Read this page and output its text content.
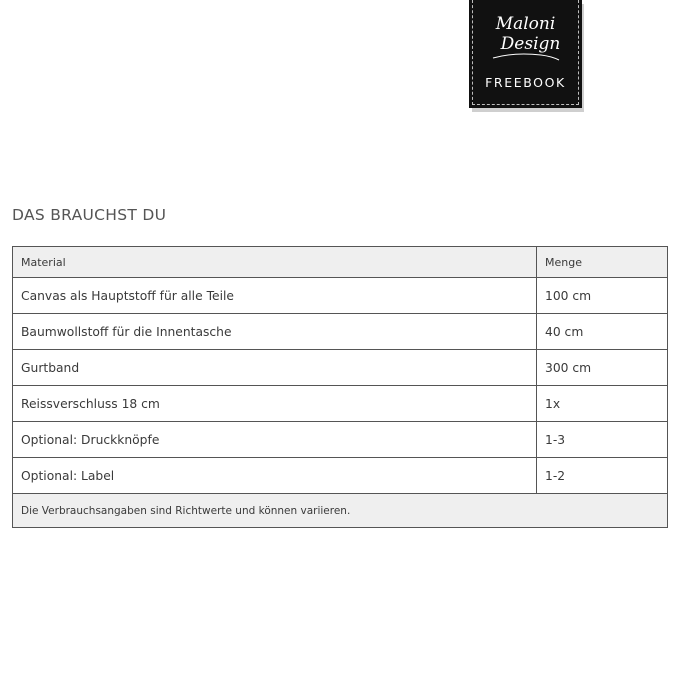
Maloni
Design
FREEBOOK
DAS BRAUCHST DU
Material	Menge
Canvas als Hauptstoff für alle Teile	100 cm
Baumwollstoff für die Innentasche	40 cm
Gurtband	300 cm
Reissverschluss 18 cm	1x
Optional: Druckknöpfe	1-3
Optional: Label	1-2
Die Verbrauchsangaben sind Richtwerte und können variieren.	
